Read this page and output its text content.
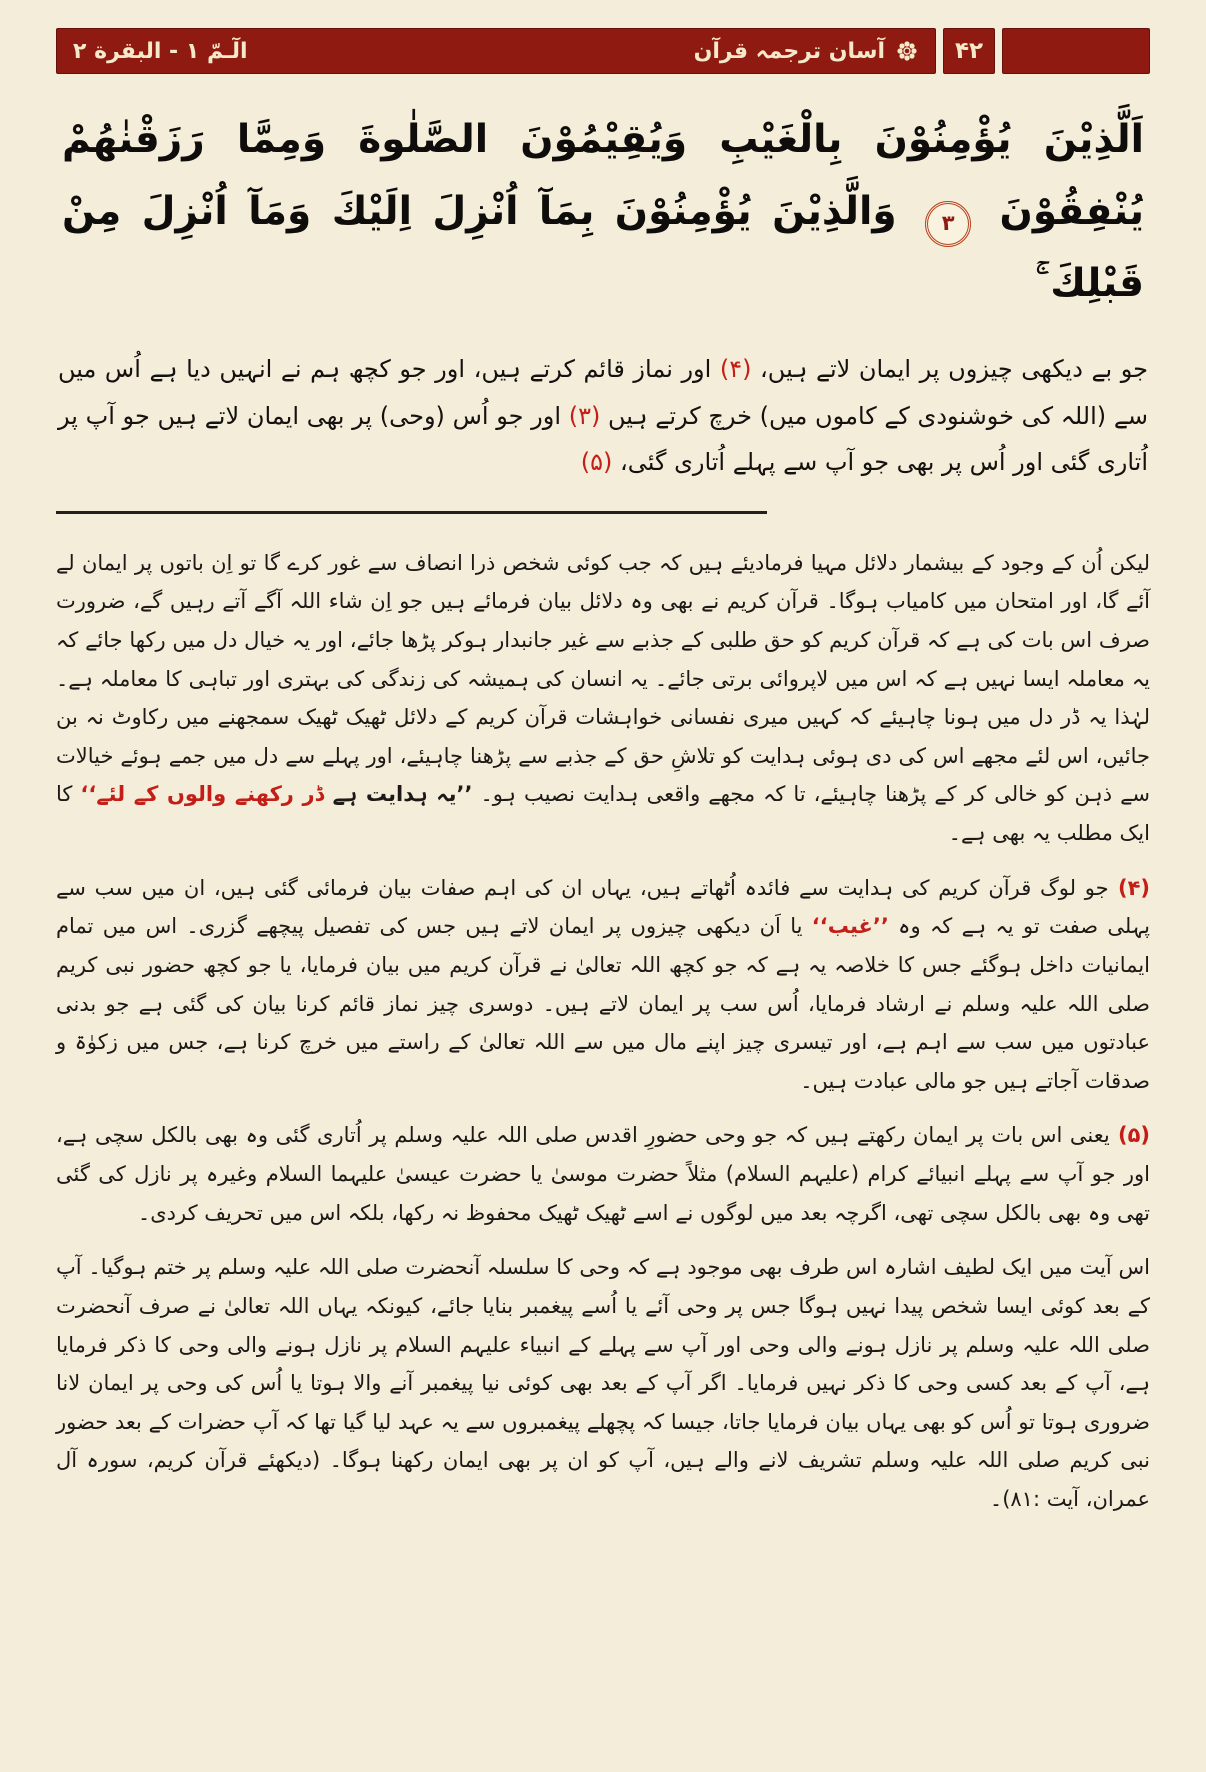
۴۲
آسان ترجمہ قرآن
الٓـمّ ۱ - البقرة ۲
اَلَّذِيْنَ يُؤْمِنُوْنَ بِالْغَيْبِ وَيُقِيْمُوْنَ الصَّلٰوةَ وَمِمَّا رَزَقْنٰهُمْ يُنْفِقُوْنَ ۳ وَالَّذِيْنَ يُؤْمِنُوْنَ بِمَآ اُنْزِلَ اِلَيْكَ وَمَآ اُنْزِلَ مِنْ قَبْلِكَ ۚ
جو بے دیکھی چیزوں پر ایمان لاتے ہیں، (۴) اور نماز قائم کرتے ہیں، اور جو کچھ ہم نے انہیں دیا ہے اُس میں سے (اللہ کی خوشنودی کے کاموں میں) خرچ کرتے ہیں (۳) اور جو اُس (وحی) پر بھی ایمان لاتے ہیں جو آپ پر اُتاری گئی اور اُس پر بھی جو آپ سے پہلے اُتاری گئی، (۵)

لیکن اُن کے وجود کے بیشمار دلائل مہیا فرمادیئے ہیں کہ جب کوئی شخص ذرا انصاف سے غور کرے گا تو اِن باتوں پر ایمان لے آئے گا، اور امتحان میں کامیاب ہوگا۔ قرآن کریم نے بھی وہ دلائل بیان فرمائے ہیں جو اِن شاء اللہ آگے آتے رہیں گے، ضرورت صرف اس بات کی ہے کہ قرآن کریم کو حق طلبی کے جذبے سے غیر جانبدار ہوکر پڑھا جائے، اور یہ خیال دل میں رکھا جائے کہ یہ معاملہ ایسا نہیں ہے کہ اس میں لاپروائی برتی جائے۔ یہ انسان کی ہمیشہ کی زندگی کی بہتری اور تباہی کا معاملہ ہے۔ لہٰذا یہ ڈر دل میں ہونا چاہیئے کہ کہیں میری نفسانی خواہشات قرآن کریم کے دلائل ٹھیک ٹھیک سمجھنے میں رکاوٹ نہ بن جائیں، اس لئے مجھے اس کی دی ہوئی ہدایت کو تلاشِ حق کے جذبے سے پڑھنا چاہیئے، اور پہلے سے دل میں جمے ہوئے خیالات سے ذہن کو خالی کر کے پڑھنا چاہیئے، تا کہ مجھے واقعی ہدایت نصیب ہو۔ ’’یہ ہدایت ہے ڈر رکھنے والوں کے لئے‘‘ کا ایک مطلب یہ بھی ہے۔

(۴) جو لوگ قرآن کریم کی ہدایت سے فائدہ اُٹھاتے ہیں، یہاں ان کی اہم صفات بیان فرمائی گئی ہیں، ان میں سب سے پہلی صفت تو یہ ہے کہ وہ ’’غیب‘‘ یا اَن دیکھی چیزوں پر ایمان لاتے ہیں جس کی تفصیل پیچھے گزری۔ اس میں تمام ایمانیات داخل ہوگئے جس کا خلاصہ یہ ہے کہ جو کچھ اللہ تعالیٰ نے قرآن کریم میں بیان فرمایا، یا جو کچھ حضور نبی کریم صلی اللہ علیہ وسلم نے ارشاد فرمایا، اُس سب پر ایمان لاتے ہیں۔ دوسری چیز نماز قائم کرنا بیان کی گئی ہے جو بدنی عبادتوں میں سب سے اہم ہے، اور تیسری چیز اپنے مال میں سے اللہ تعالیٰ کے راستے میں خرچ کرنا ہے، جس میں زکوٰۃ و صدقات آجاتے ہیں جو مالی عبادت ہیں۔

(۵) یعنی اس بات پر ایمان رکھتے ہیں کہ جو وحی حضورِ اقدس صلی اللہ علیہ وسلم پر اُتاری گئی وہ بھی بالکل سچی ہے، اور جو آپ سے پہلے انبیائے کرام (علیہم السلام) مثلاً حضرت موسیٰ یا حضرت عیسیٰ علیہما السلام وغیرہ پر نازل کی گئی تھی وہ بھی بالکل سچی تھی، اگرچہ بعد میں لوگوں نے اسے ٹھیک ٹھیک محفوظ نہ رکھا، بلکہ اس میں تحریف کردی۔

اس آیت میں ایک لطیف اشارہ اس طرف بھی موجود ہے کہ وحی کا سلسلہ آنحضرت صلی اللہ علیہ وسلم پر ختم ہوگیا۔ آپ کے بعد کوئی ایسا شخص پیدا نہیں ہوگا جس پر وحی آئے یا اُسے پیغمبر بنایا جائے، کیونکہ یہاں اللہ تعالیٰ نے صرف آنحضرت صلی اللہ علیہ وسلم پر نازل ہونے والی وحی اور آپ سے پہلے کے انبیاء علیہم السلام پر نازل ہونے والی وحی کا ذکر فرمایا ہے، آپ کے بعد کسی وحی کا ذکر نہیں فرمایا۔ اگر آپ کے بعد بھی کوئی نیا پیغمبر آنے والا ہوتا یا اُس کی وحی پر ایمان لانا ضروری ہوتا تو اُس کو بھی یہاں بیان فرمایا جاتا، جیسا کہ پچھلے پیغمبروں سے یہ عہد لیا گیا تھا کہ آپ حضرات کے بعد حضور نبی کریم صلی اللہ علیہ وسلم تشریف لانے والے ہیں، آپ کو ان پر بھی ایمان رکھنا ہوگا۔ (دیکھئے قرآن کریم، سورہ آل عمران، آیت :۸۱)۔
